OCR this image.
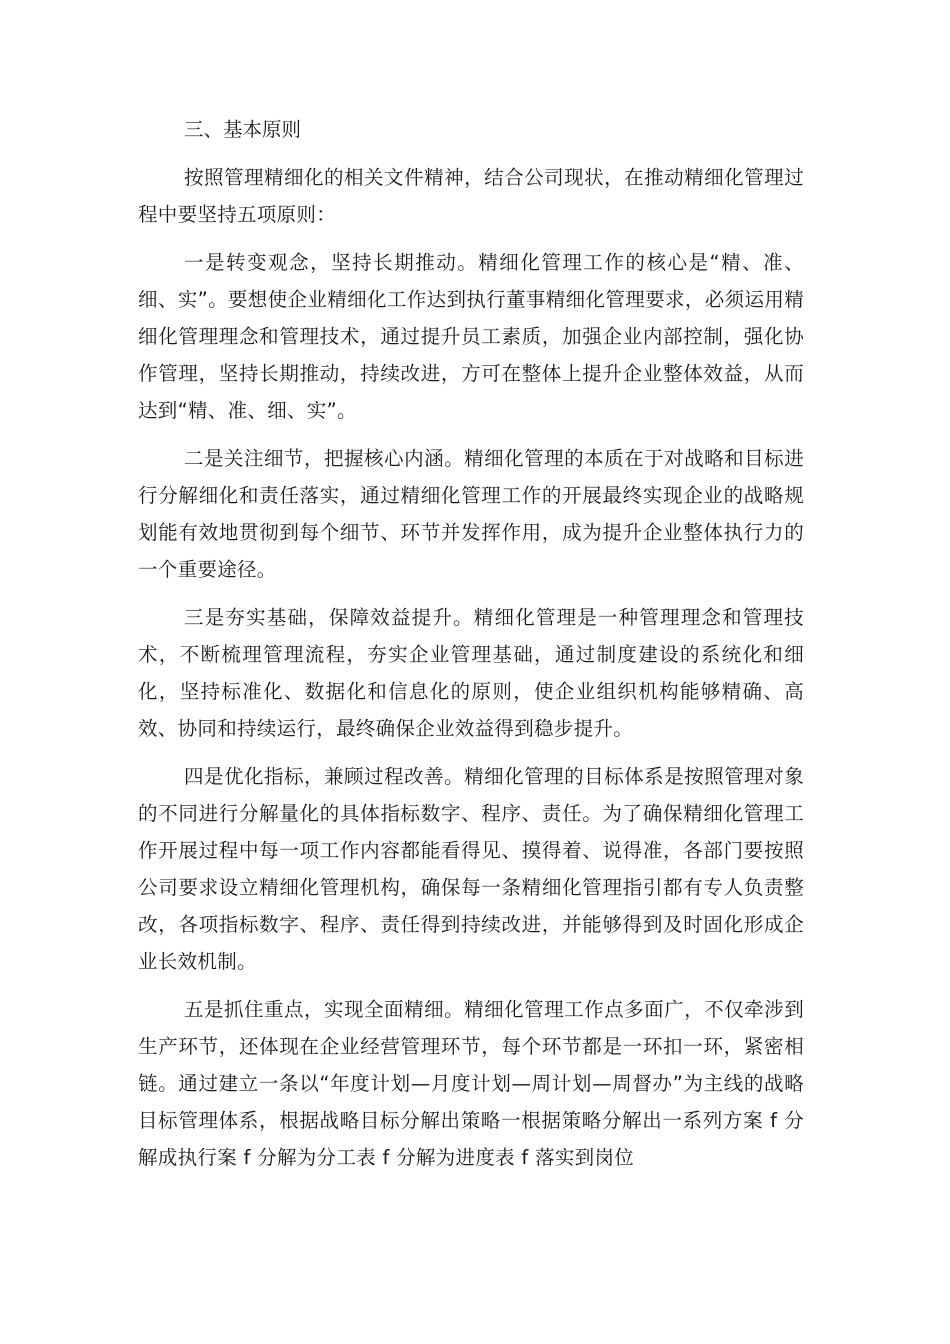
三、基本原则

按照管理精细化的相关文件精神，结合公司现状，在推动精细化管理过程中要坚持五项原则：

一是转变观念，坚持长期推动。精细化管理工作的核心是“精、准、细、实”。要想使企业精细化工作达到执行董事精细化管理要求，必须运用精细化管理理念和管理技术，通过提升员工素质，加强企业内部控制，强化协作管理，坚持长期推动，持续改进，方可在整体上提升企业整体效益，从而达到“精、准、细、实”。

二是关注细节，把握核心内涵。精细化管理的本质在于对战略和目标进行分解细化和责任落实，通过精细化管理工作的开展最终实现企业的战略规划能有效地贯彻到每个细节、环节并发挥作用，成为提升企业整体执行力的一个重要途径。

三是夯实基础，保障效益提升。精细化管理是一种管理理念和管理技术，不断梳理管理流程，夯实企业管理基础，通过制度建设的系统化和细化，坚持标准化、数据化和信息化的原则，使企业组织机构能够精确、高效、协同和持续运行，最终确保企业效益得到稳步提升。

四是优化指标，兼顾过程改善。精细化管理的目标体系是按照管理对象的不同进行分解量化的具体指标数字、程序、责任。为了确保精细化管理工作开展过程中每一项工作内容都能看得见、摸得着、说得准，各部门要按照公司要求设立精细化管理机构，确保每一条精细化管理指引都有专人负责整改，各项指标数字、程序、责任得到持续改进，并能够得到及时固化形成企业长效机制。

五是抓住重点，实现全面精细。精细化管理工作点多面广，不仅牵涉到生产环节，还体现在企业经营管理环节，每个环节都是一环扣一环，紧密相链。通过建立一条以“年度计划—月度计划—周计划—周督办”为主线的战略目标管理体系，根据战略目标分解出策略一根据策略分解出一系列方案 f 分解成执行案 f 分解为分工表 f 分解为进度表 f 落实到岗位
